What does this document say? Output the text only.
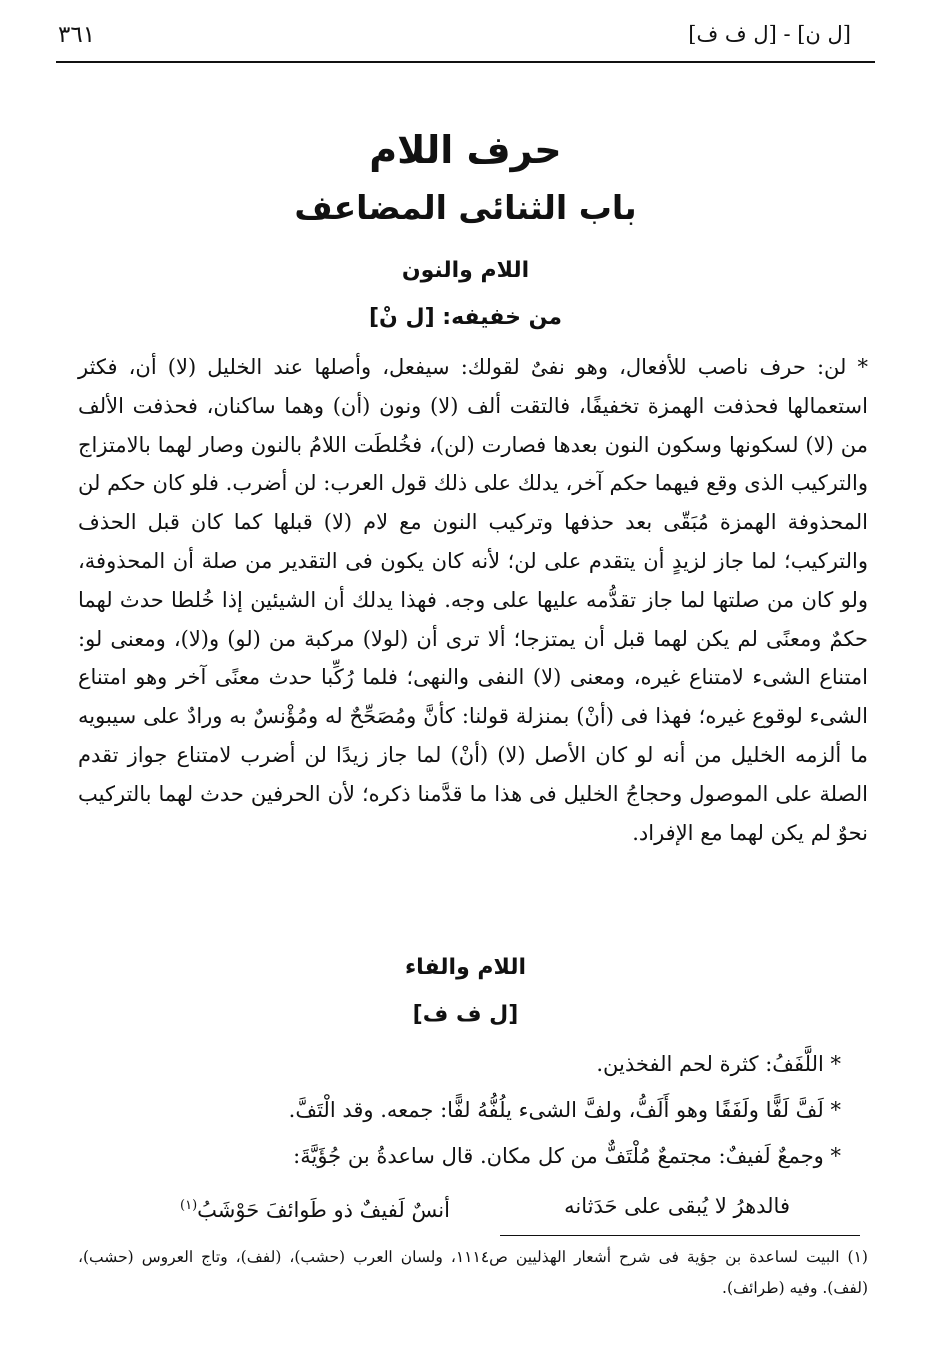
[ل ن] - [ل ف ف]
٣٦١
حرف اللام
باب الثنائى المضاعف
اللام والنون
من خفيفه: [ل نْ]

* لن: حرف ناصب للأفعال، وهو نفىٌ لقولك: سيفعل، وأصلها عند الخليل (لا) أن، فكثر استعمالها فحذفت الهمزة تخفيفًا، فالتقت ألف (لا) ونون (أن) وهما ساكنان، فحذفت الألف من (لا) لسكونها وسكون النون بعدها فصارت (لن)، فخُلطَت اللامُ بالنون وصار لهما بالامتزاج والتركيب الذى وقع فيهما حكم آخر، يدلك على ذلك قول العرب: لن أضرب. فلو كان حكم لن المحذوفة الهمزة مُبَقّى بعد حذفها وتركيب النون مع لام (لا) قبلها كما كان قبل الحذف والتركيب؛ لما جاز لزيدٍ أن يتقدم على لن؛ لأنه كان يكون فى التقدير من صلة أن المحذوفة، ولو كان من صلتها لما جاز تقدُّمه عليها على وجه. فهذا يدلك أن الشيئين إذا خُلطا حدث لهما حكمٌ ومعنًى لم يكن لهما قبل أن يمتزجا؛ ألا ترى أن (لولا) مركبة من (لو) و(لا)، ومعنى لو: امتناع الشىء لامتناع غيره، ومعنى (لا) النفى والنهى؛ فلما رُكِّبا حدث معنًى آخر وهو امتناع الشىء لوقوع غيره؛ فهذا فى (أنْ) بمنزلة قولنا: كأنَّ ومُصَحِّحٌ له ومُؤْنسٌ به ورادٌ على سيبويه ما ألزمه الخليل من أنه لو كان الأصل (لا) (أنْ) لما جاز زيدًا لن أضرب لامتناع جواز تقدم الصلة على الموصول وحجاجُ الخليل فى هذا ما قدَّمنا ذكره؛ لأن الحرفين حدث لهما بالتركيب نحوٌ لم يكن لهما مع الإفراد.

اللام والفاء
[ل ف ف]
* اللَّفَفُ: كثرة لحم الفخذين.
* لَفَّ لَفًّا ولَفَفًا وهو أَلَفُّ، ولفَّ الشىء يلُفُّهُ لفًّا: جمعه. وقد الْتَفَّ.
* وجمعٌ لَفيفٌ: مجتمعٌ مُلْتَفٌّ من كل مكان. قال ساعدةُ بن جُؤَيَّةَ:
فالدهرُ لا يُبقى على حَدَثانه
أنسٌ لَفيفٌ ذو طَوائفَ حَوْشَبُ$^{(١)}$

(١) البيت لساعدة بن جؤية فى شرح أشعار الهذليين ص١١١٤، ولسان العرب (حشب)، (لفف)، وتاج العروس (حشب)، (لفف). وفيه (طرائف).
